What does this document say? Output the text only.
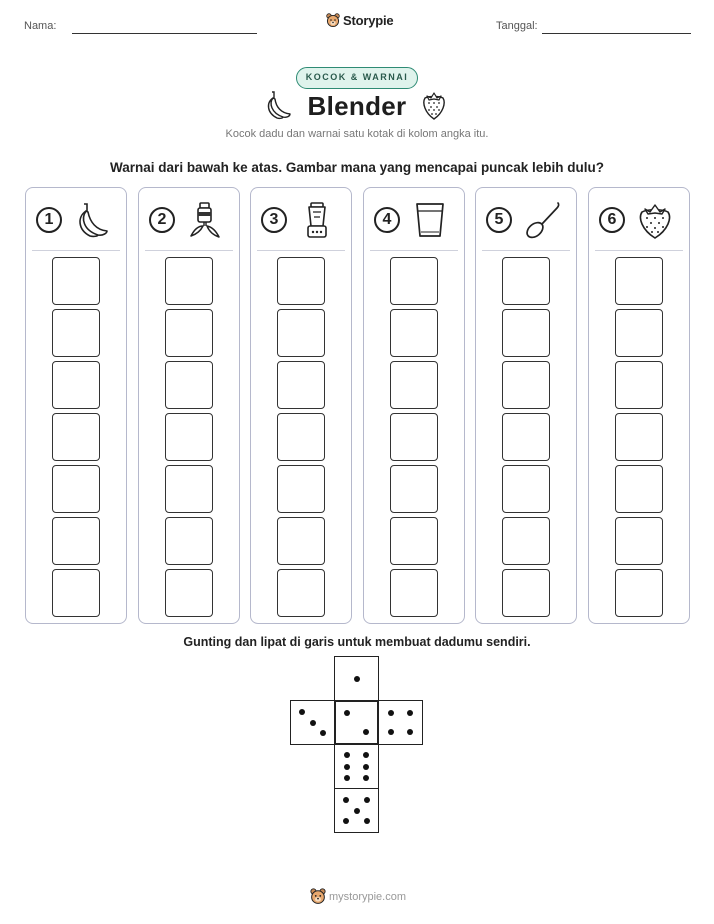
Nama:	Tanggal:
Storypie
KOCOK & WARNAI
Blender
Kocok dadu dan warnai satu kotak di kolom angka itu.
Warnai dari bawah ke atas. Gambar mana yang mencapai puncak lebih dulu?
1	2	3	4	5	6
Gunting dan lipat di garis untuk membuat dadumu sendiri.
mystorypie.com
